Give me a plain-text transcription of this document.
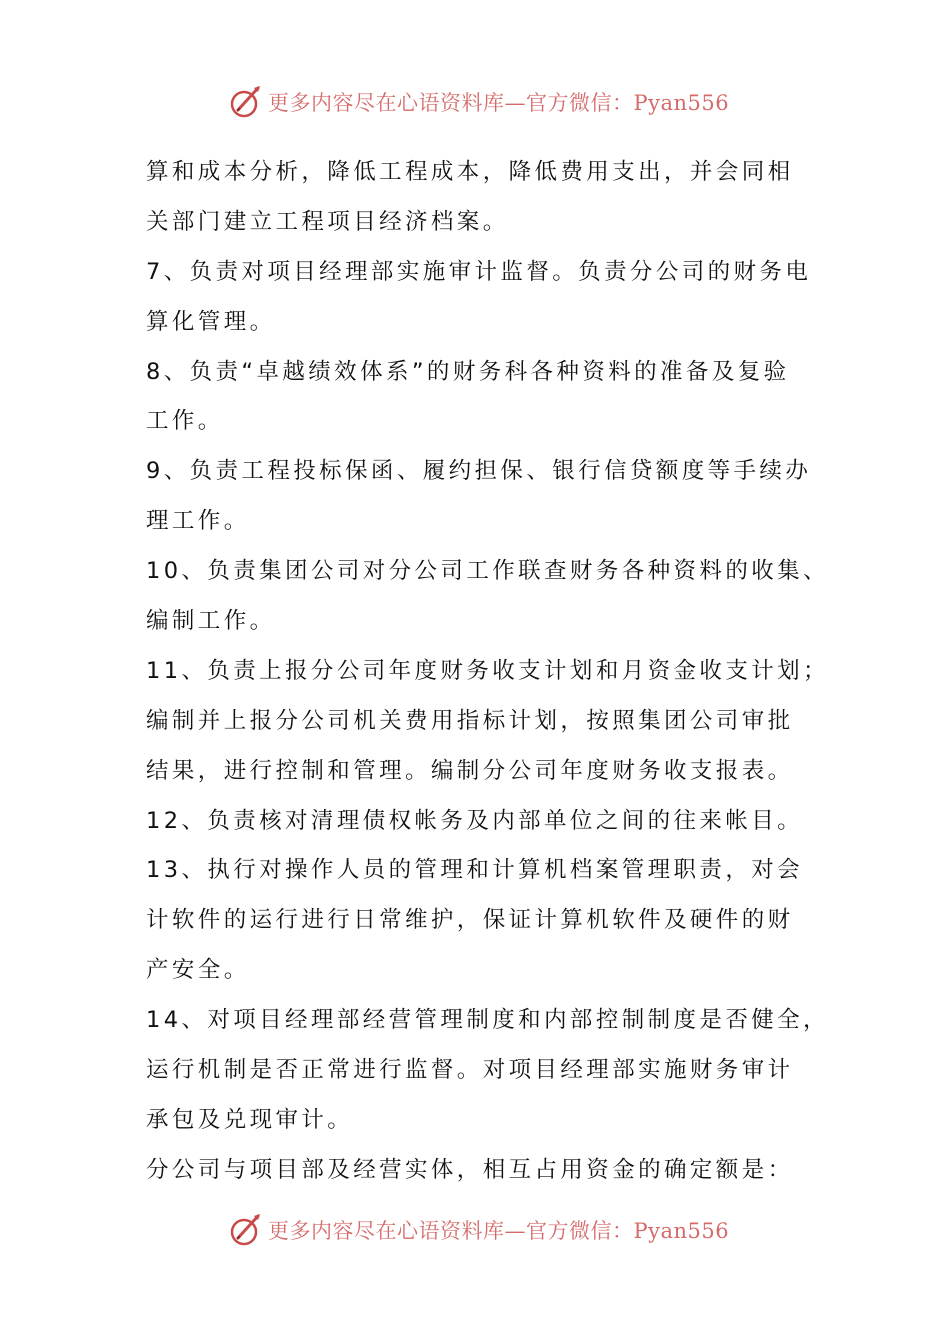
更多内容尽在心语资料库—官方微信：Pyan556
算和成本分析，降低工程成本，降低费用支出，并会同相
关部门建立工程项目经济档案。
7、负责对项目经理部实施审计监督。负责分公司的财务电
算化管理。
8、负责“卓越绩效体系”的财务科各种资料的准备及复验
工作。
9、负责工程投标保函、履约担保、银行信贷额度等手续办
理工作。
10、负责集团公司对分公司工作联查财务各种资料的收集、
编制工作。
11、负责上报分公司年度财务收支计划和月资金收支计划；
编制并上报分公司机关费用指标计划，按照集团公司审批
结果，进行控制和管理。编制分公司年度财务收支报表。
12、负责核对清理债权帐务及内部单位之间的往来帐目。
13、执行对操作人员的管理和计算机档案管理职责，对会
计软件的运行进行日常维护，保证计算机软件及硬件的财
产安全。
14、对项目经理部经营管理制度和内部控制制度是否健全，
运行机制是否正常进行监督。对项目经理部实施财务审计
承包及兑现审计。
分公司与项目部及经营实体，相互占用资金的确定额是：
更多内容尽在心语资料库—官方微信：Pyan556
